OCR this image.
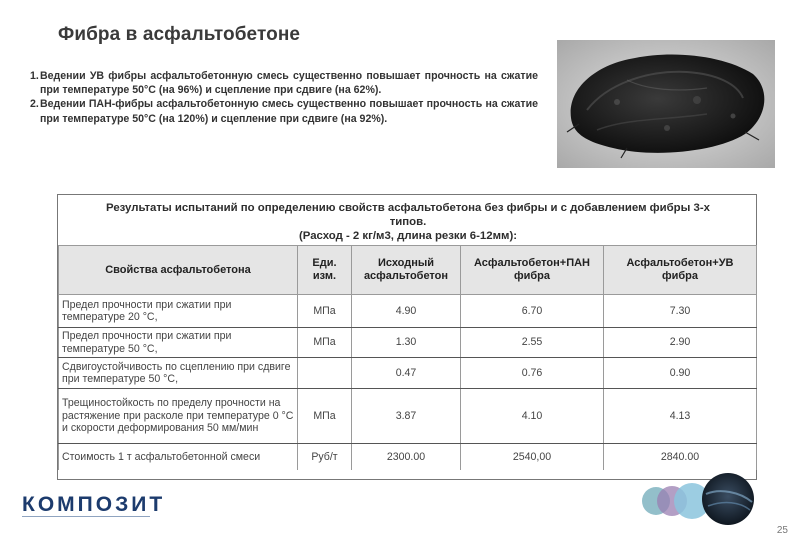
Фибра в асфальтобетоне
1. Ведении УВ фибры асфальтобетонную смесь существенно повышает прочность на сжатие при температуре 50°С (на 96%) и сцепление при сдвиге (на 62%).
2. Ведении ПАН-фибры асфальтобетонную смесь существенно повышает прочность на сжатие при температуре 50°С (на 120%) и сцепление при сдвиге (на 92%).
Результаты испытаний по определению свойств асфальтобетона без фибры и с добавлением фибры 3-х
типов.
(Расход - 2 кг/м3, длина резки 6-12мм):
Свойства асфальтобетона	Еди. изм.	Исходный асфальтобетон	Асфальтобетон+ПАН фибра	Асфальтобетон+УВ фибра
Предел прочности при сжатии при температуре 20 °С,	МПа	4.90	6.70	7.30
Предел прочности при сжатии при температуре 50 °С,	МПа	1.30	2.55	2.90
Сдвигоустойчивость по сцеплению при сдвиге при температуре 50 °С,		0.47	0.76	0.90
Трещиностойкость по пределу прочности на растяжение при расколе при температуре 0 °С и скорости деформирования 50 мм/мин	МПа	3.87	4.10	4.13
Стоимость 1 т асфальтобетонной смеси	Руб/т	2300.00	2540,00	2840.00
КОМПОЗИТ
25
